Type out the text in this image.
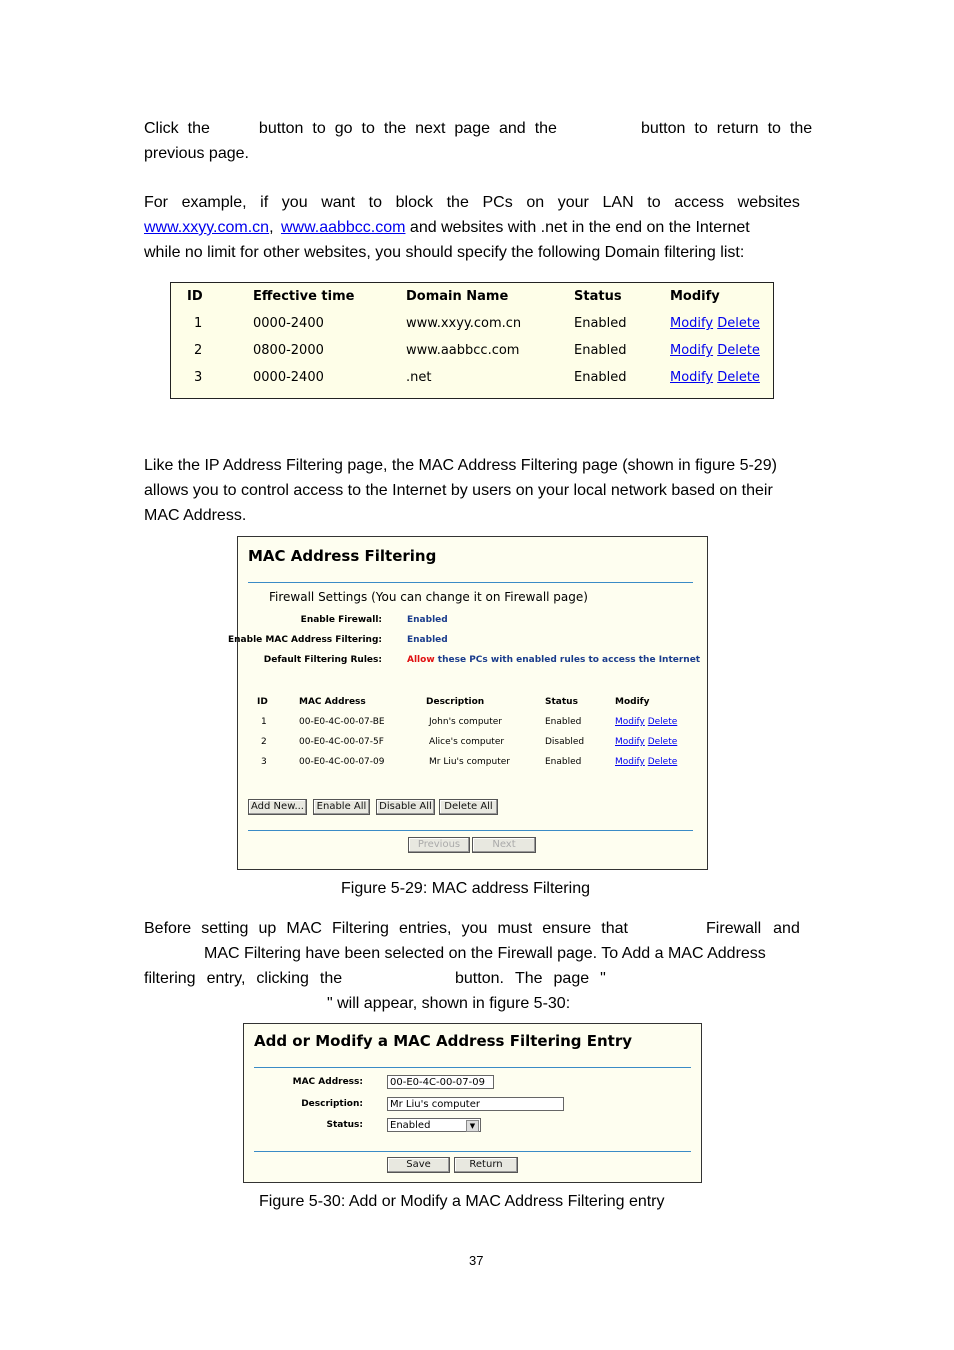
Click the	button to go to the next page and the	button to return to the
previous page.
For example, if you want to block the PCs on your LAN to access websites
www.xxyy.com.cn, www.aabbcc.com and websites with .net in the end on the Internet
while no limit for other websites, you should specify the following Domain filtering list:
ID	Effective time	Domain Name	Status	Modify
1	0000-2400	www.xxyy.com.cn	Enabled	Modify Delete
2	0800-2000	www.aabbcc.com	Enabled	Modify Delete
3	0000-2400	.net	Enabled	Modify Delete
Like the IP Address Filtering page, the MAC Address Filtering page (shown in figure 5-29)
allows you to control access to the Internet by users on your local network based on their
MAC Address.
MAC Address Filtering
Firewall Settings (You can change it on Firewall page)
Enable Firewall:	Enabled
Enable MAC Address Filtering:	Enabled
Default Filtering Rules:	Allow these PCs with enabled rules to access the Internet
ID	MAC Address	Description	Status	Modify
1	00-E0-4C-00-07-BE	John's computer	Enabled	Modify Delete
2	00-E0-4C-00-07-5F	Alice's computer	Disabled	Modify Delete
3	00-E0-4C-00-07-09	Mr Liu's computer	Enabled	Modify Delete
Add New...	Enable All	Disable All	Delete All
Previous	Next
Figure 5-29: MAC address Filtering
Before setting up MAC Filtering entries, you must ensure that	Firewall and
MAC Filtering have been selected on the Firewall page. To Add a MAC Address
filtering entry, clicking the	button. The page "
" will appear, shown in figure 5-30:
Add or Modify a MAC Address Filtering Entry
MAC Address:	00-E0-4C-00-07-09
Description:	Mr Liu's computer
Status:	Enabled	▼
Save	Return
Figure 5-30: Add or Modify a MAC Address Filtering entry
37
